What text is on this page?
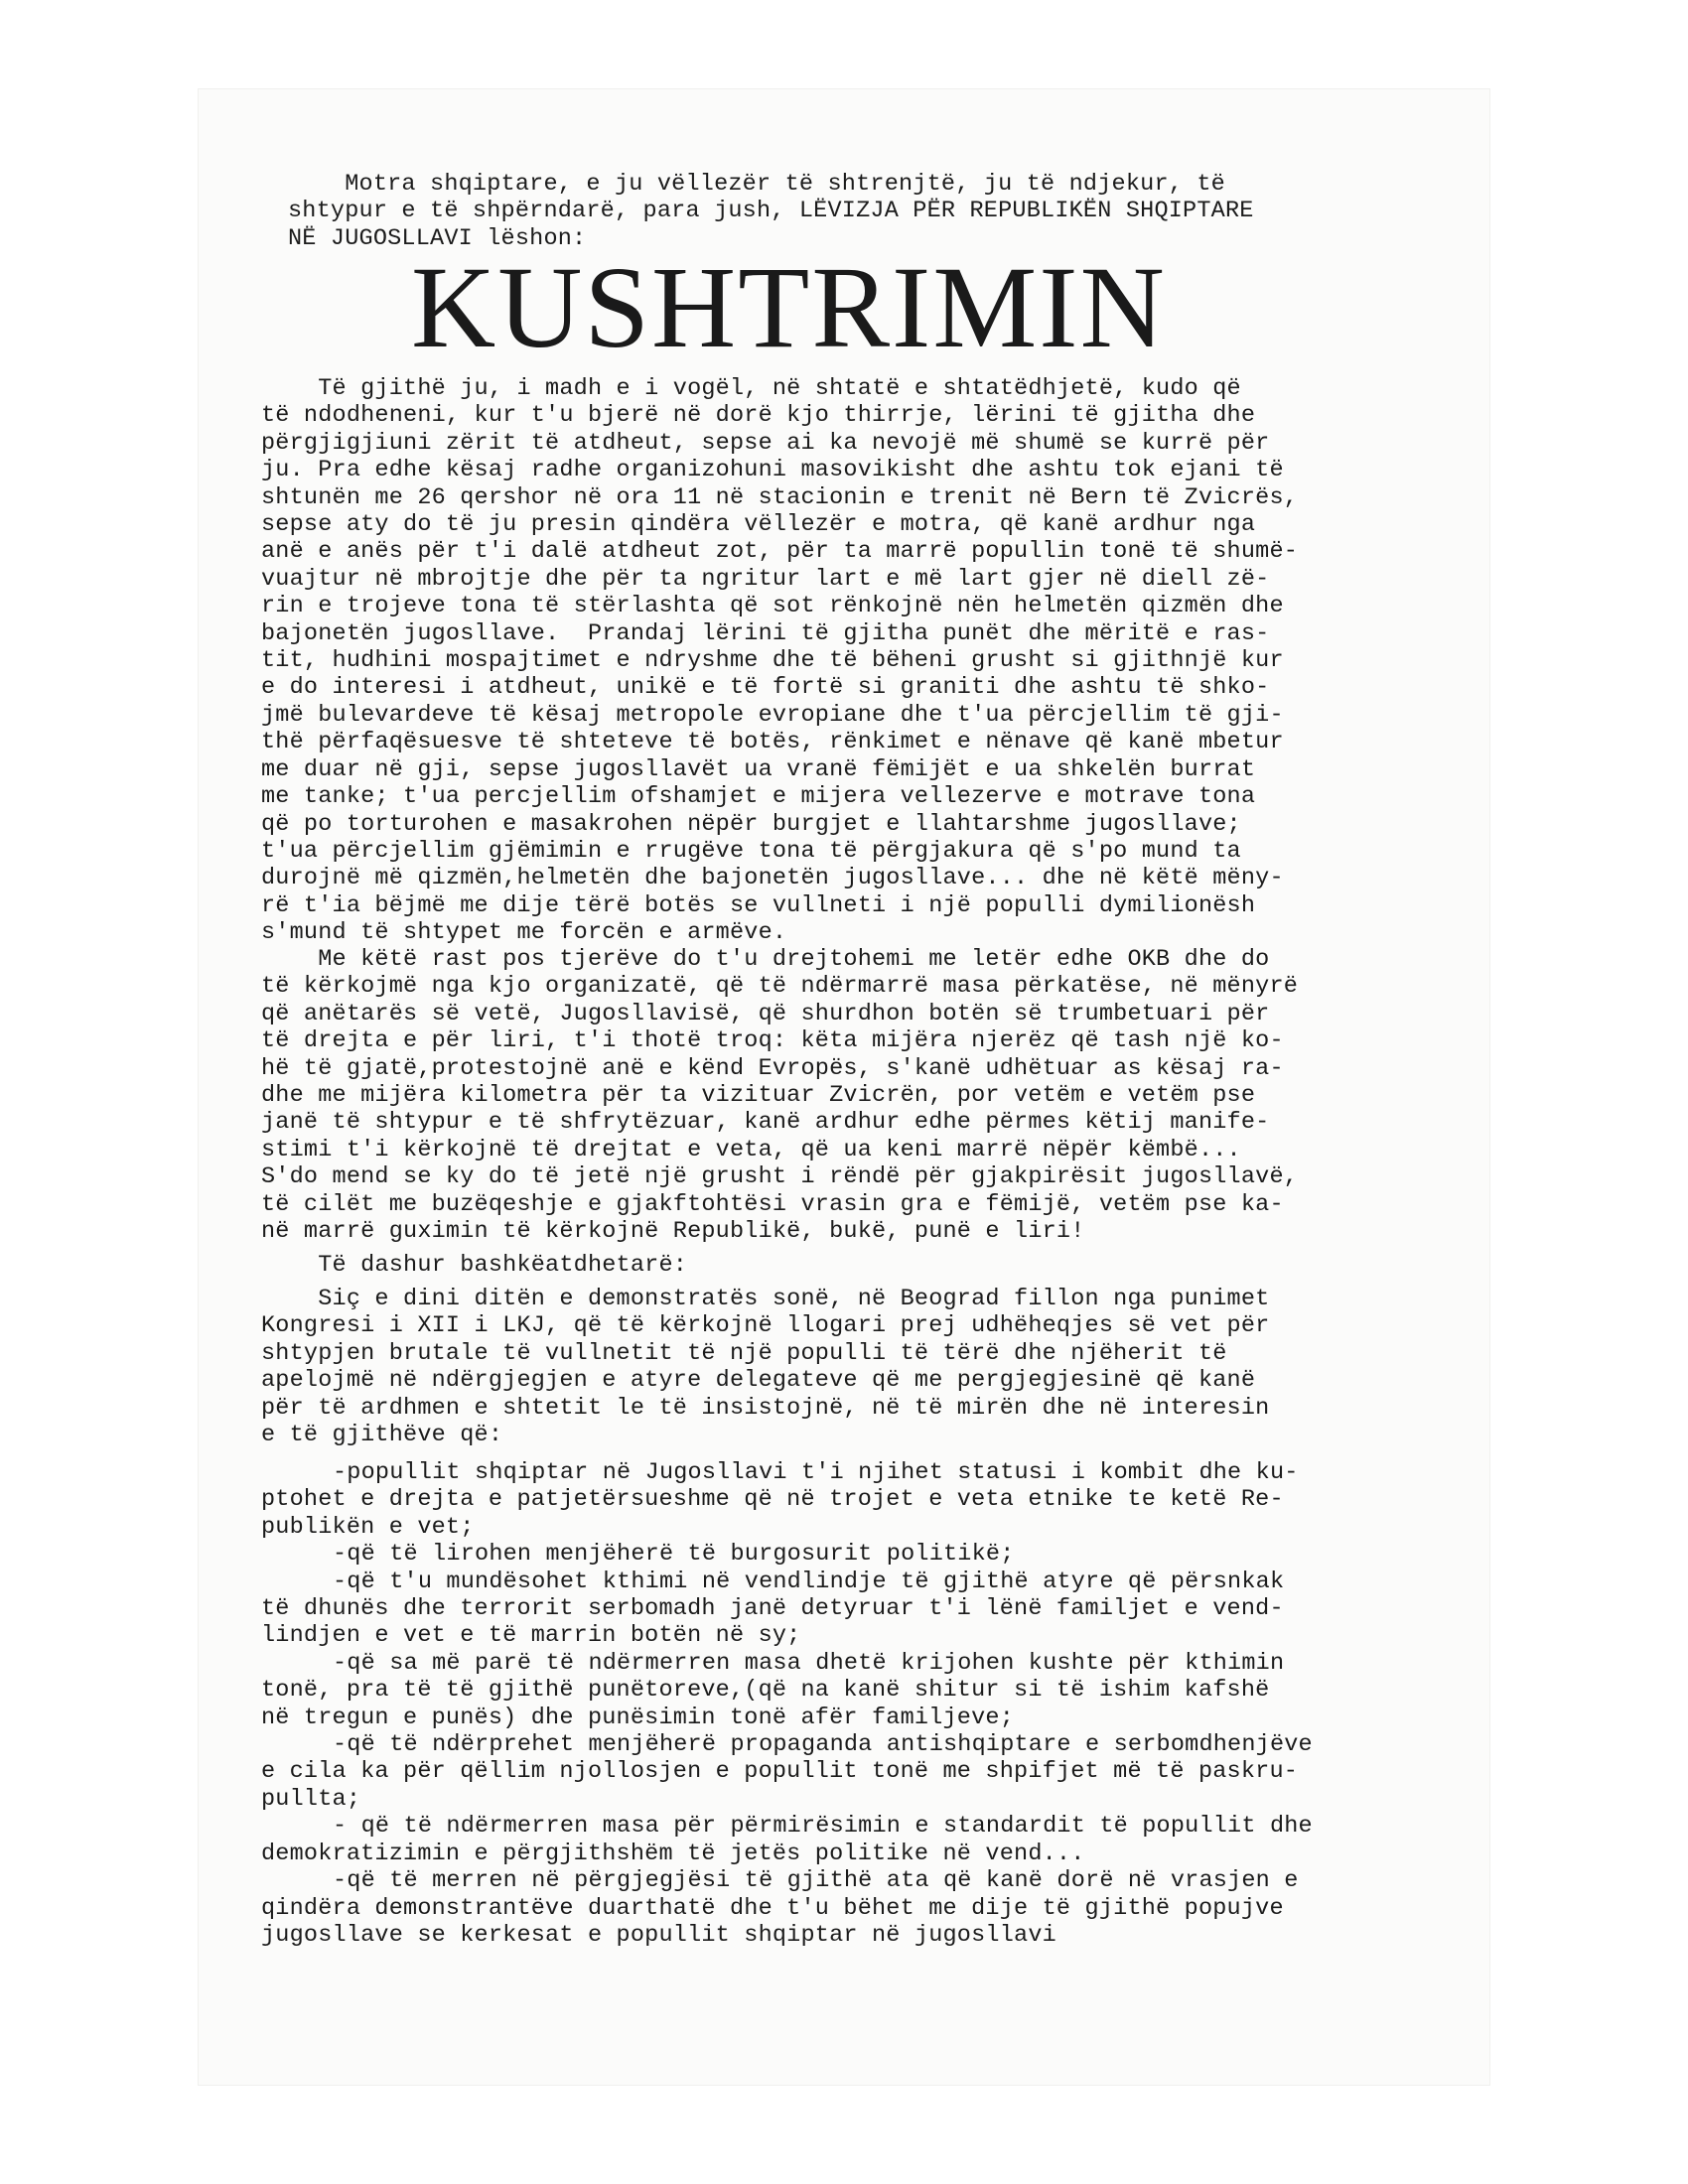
Motra shqiptare, e ju vëllezër të shtrenjtë, ju të ndjekur, të
shtypur e të shpërndarë, para jush, LËVIZJA PËR REPUBLIKËN SHQIPTARE
NË JUGOSLLAVI lëshon:
KUSHTRIMIN
Të gjithë ju, i madh e i vogël, në shtatë e shtatëdhjetë, kudo që
të ndodheneni, kur t'u bjerë në dorë kjo thirrje, lërini të gjitha dhe
përgjigjiuni zërit të atdheut, sepse ai ka nevojë më shumë se kurrë për
ju. Pra edhe kësaj radhe organizohuni masovikisht dhe ashtu tok ejani të
shtunën me 26 qershor në ora 11 në stacionin e trenit në Bern të Zvicrës,
sepse aty do të ju presin qindëra vëllezër e motra, që kanë ardhur nga
anë e anës për t'i dalë atdheut zot, për ta marrë popullin tonë të shumë-
vuajtur në mbrojtje dhe për ta ngritur lart e më lart gjer në diell zë-
rin e trojeve tona të stërlashta që sot rënkojnë nën helmetën qizmën dhe
bajonetën jugosllave.  Prandaj lërini të gjitha punët dhe mëritë e ras-
tit, hudhini mospajtimet e ndryshme dhe të bëheni grusht si gjithnjë kur
e do interesi i atdheut, unikë e të fortë si graniti dhe ashtu të shko-
jmë bulevardeve të kësaj metropole evropiane dhe t'ua përcjellim të gji-
thë përfaqësuesve të shteteve të botës, rënkimet e nënave që kanë mbetur
me duar në gji, sepse jugosllavët ua vranë fëmijët e ua shkelën burrat
me tanke; t'ua percjellim ofshamjet e mijera vellezerve e motrave tona
që po torturohen e masakrohen nëpër burgjet e llahtarshme jugosllave;
t'ua përcjellim gjëmimin e rrugëve tona të përgjakura që s'po mund ta
durojnë më qizmën,helmetën dhe bajonetën jugosllave... dhe në këtë mëny-
rë t'ia bëjmë me dije tërë botës se vullneti i një populli dymilionësh
s'mund të shtypet me forcën e armëve.
Me këtë rast pos tjerëve do t'u drejtohemi me letër edhe OKB dhe do
të kërkojmë nga kjo organizatë, që të ndërmarrë masa përkatëse, në mënyrë
që anëtarës së vetë, Jugosllavisë, që shurdhon botën së trumbetuari për
të drejta e për liri, t'i thotë troq: këta mijëra njerëz që tash një ko-
hë të gjatë,protestojnë anë e kënd Evropës, s'kanë udhëtuar as kësaj ra-
dhe me mijëra kilometra për ta vizituar Zvicrën, por vetëm e vetëm pse
janë të shtypur e të shfrytëzuar, kanë ardhur edhe përmes këtij manife-
stimi t'i kërkojnë të drejtat e veta, që ua keni marrë nëpër këmbë...
S'do mend se ky do të jetë një grusht i rëndë për gjakpirësit jugosllavë,
të cilët me buzëqeshje e gjakftohtësi vrasin gra e fëmijë, vetëm pse ka-
në marrë guximin të kërkojnë Republikë, bukë, punë e liri!
Të dashur bashkëatdhetarë:
Siç e dini ditën e demonstratës sonë, në Beograd fillon nga punimet
Kongresi i XII i LKJ, që të kërkojnë llogari prej udhëheqjes së vet për
shtypjen brutale të vullnetit të një populli të tërë dhe njëherit të
apelojmë në ndërgjegjen e atyre delegateve që me pergjegjesinë që kanë
për të ardhmen e shtetit le të insistojnë, në të mirën dhe në interesin
e të gjithëve që:
-popullit shqiptar në Jugosllavi t'i njihet statusi i kombit dhe ku-
ptohet e drejta e patjetërsueshme që në trojet e veta etnike te ketë Re-
publikën e vet;
-që të lirohen menjëherë të burgosurit politikë;
-që t'u mundësohet kthimi në vendlindje të gjithë atyre që përsnkak
të dhunës dhe terrorit serbomadh janë detyruar t'i lënë familjet e vend-
lindjen e vet e të marrin botën në sy;
-që sa më parë të ndërmerren masa dhetë krijohen kushte për kthimin
tonë, pra të të gjithë punëtoreve,(që na kanë shitur si të ishim kafshë
në tregun e punës) dhe punësimin tonë afër familjeve;
-që të ndërprehet menjëherë propaganda antishqiptare e serbomdhenjëve
e cila ka për qëllim njollosjen e popullit tonë me shpifjet më të paskru-
pullta;
- që të ndërmerren masa për përmirësimin e standardit të popullit dhe
demokratizimin e përgjithshëm të jetës politike në vend...
-që të merren në përgjegjësi të gjithë ata që kanë dorë në vrasjen e
qindëra demonstrantëve duarthatë dhe t'u bëhet me dije të gjithë popujve
jugosllave se kerkesat e popullit shqiptar në jugosllavi
